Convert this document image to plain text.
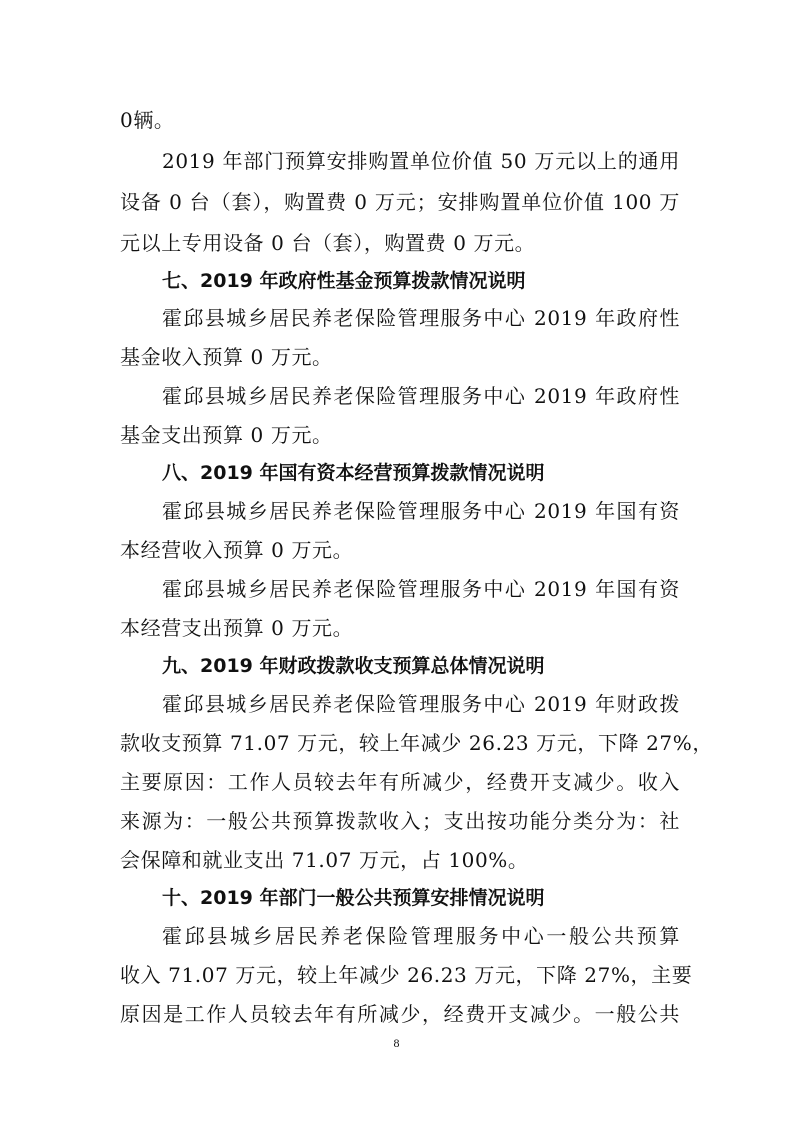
0辆。
2019 年部门预算安排购置单位价值 50 万元以上的通用
设备 0 台（套），购置费 0 万元；安排购置单位价值 100 万
元以上专用设备 0 台（套），购置费 0 万元。
七、2019 年政府性基金预算拨款情况说明
霍邱县城乡居民养老保险管理服务中心 2019 年政府性
基金收入预算 0 万元。
霍邱县城乡居民养老保险管理服务中心 2019 年政府性
基金支出预算 0 万元。
八、2019 年国有资本经营预算拨款情况说明
霍邱县城乡居民养老保险管理服务中心 2019 年国有资
本经营收入预算 0 万元。
霍邱县城乡居民养老保险管理服务中心 2019 年国有资
本经营支出预算 0 万元。
九、2019 年财政拨款收支预算总体情况说明
霍邱县城乡居民养老保险管理服务中心 2019 年财政拨
款收支预算 71.07 万元，较上年减少 26.23 万元，下降 27%，
主要原因：工作人员较去年有所减少，经费开支减少。收入
来源为：一般公共预算拨款收入；支出按功能分类分为：社
会保障和就业支出 71.07 万元，占 100%。
十、2019 年部门一般公共预算安排情况说明
霍邱县城乡居民养老保险管理服务中心一般公共预算
收入 71.07 万元，较上年减少 26.23 万元，下降 27%，主要
原因是工作人员较去年有所减少，经费开支减少。一般公共
8
